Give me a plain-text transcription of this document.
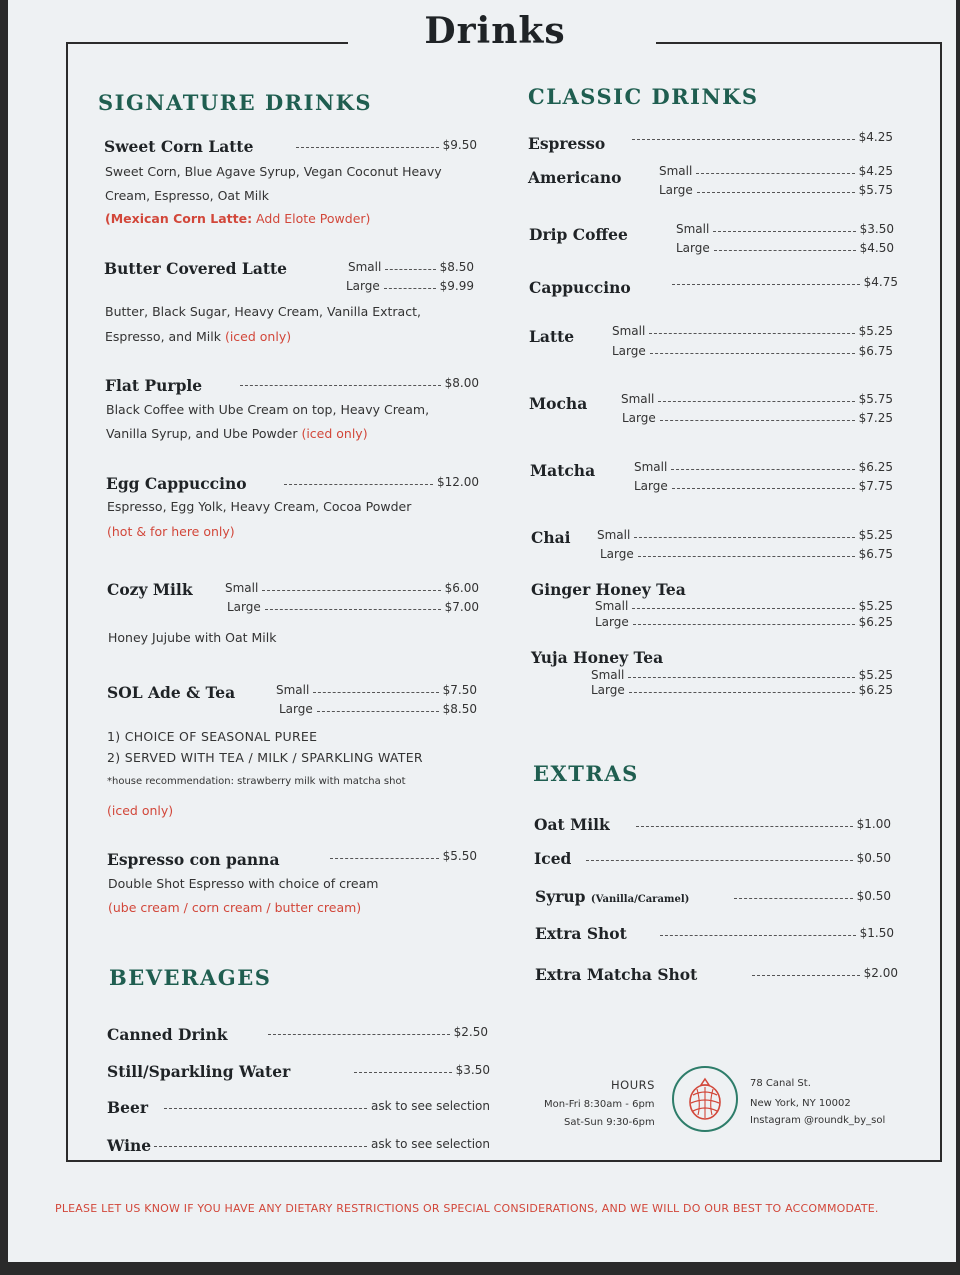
Drinks
SIGNATURE DRINKS
Sweet Corn Latte	$9.50
Sweet Corn, Blue Agave Syrup, Vegan Coconut Heavy
Cream, Espresso, Oat Milk
(Mexican Corn Latte: Add Elote Powder)
Butter Covered Latte	Small	$8.50
Large	$9.99
Butter, Black Sugar, Heavy Cream, Vanilla Extract,
Espresso, and Milk (iced only)
Flat Purple	$8.00
Black Coffee with Ube Cream on top, Heavy Cream,
Vanilla Syrup, and Ube Powder (iced only)
Egg Cappuccino	$12.00
Espresso, Egg Yolk, Heavy Cream, Cocoa Powder
(hot & for here only)
Cozy Milk	Small	$6.00
Large	$7.00
Honey Jujube with Oat Milk
SOL Ade & Tea	Small	$7.50
Large	$8.50
1) CHOICE OF SEASONAL PUREE
2) SERVED WITH TEA / MILK / SPARKLING WATER
*house recommendation: strawberry milk with matcha shot
(iced only)
Espresso con panna	$5.50
Double Shot Espresso with choice of cream
(ube cream / corn cream / butter cream)
BEVERAGES
Canned Drink	$2.50
Still/Sparkling Water	$3.50
Beer	ask to see selection
Wine	ask to see selection
CLASSIC DRINKS
Espresso	$4.25
Americano	Small	$4.25
Large	$5.75
Drip Coffee	Small	$3.50
Large	$4.50
Cappuccino	$4.75
Latte	Small	$5.25
Large	$6.75
Mocha	Small	$5.75
Large	$7.25
Matcha	Small	$6.25
Large	$7.75
Chai Small	$5.25
Large	$6.75
Ginger Honey Tea
Small	$5.25
Large	$6.25
Yuja Honey Tea
Small	$5.25
Large	$6.25
EXTRAS
Oat Milk	$1.00
Iced	$0.50
Syrup (Vanilla/Caramel)	$0.50
Extra Shot	$1.50
Extra Matcha Shot	$2.00
HOURS
Mon-Fri 8:30am - 6pm
Sat-Sun 9:30-6pm
78 Canal St.
New York, NY 10002
Instagram @roundk_by_sol
PLEASE LET US KNOW IF YOU HAVE ANY DIETARY RESTRICTIONS OR SPECIAL CONSIDERATIONS, AND WE WILL DO OUR BEST TO ACCOMMODATE.
